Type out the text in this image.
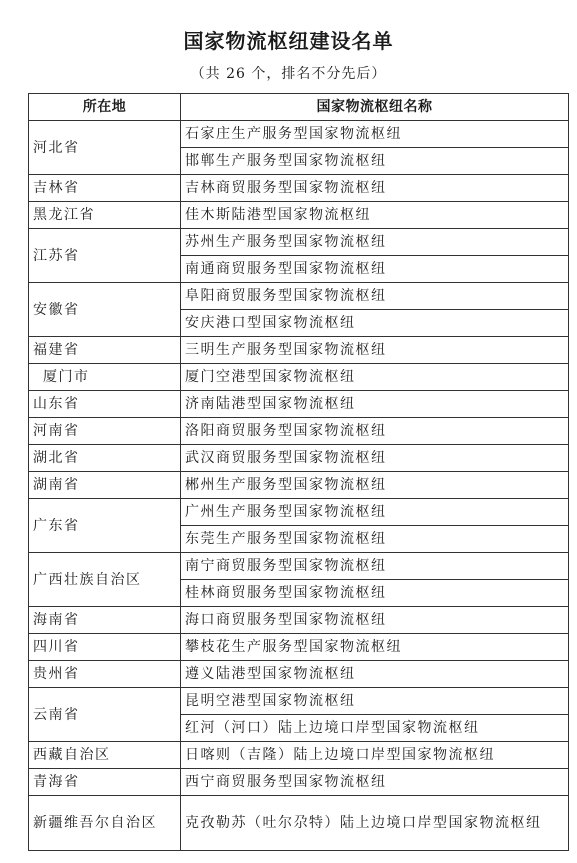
国家物流枢纽建设名单
（共 26 个，排名不分先后）
所在地	国家物流枢纽名称
河北省	石家庄生产服务型国家物流枢纽
	邯郸生产服务型国家物流枢纽
吉林省	吉林商贸服务型国家物流枢纽
黑龙江省	佳木斯陆港型国家物流枢纽
江苏省	苏州生产服务型国家物流枢纽
	南通商贸服务型国家物流枢纽
安徽省	阜阳商贸服务型国家物流枢纽
	安庆港口型国家物流枢纽
福建省	三明生产服务型国家物流枢纽
厦门市	厦门空港型国家物流枢纽
山东省	济南陆港型国家物流枢纽
河南省	洛阳商贸服务型国家物流枢纽
湖北省	武汉商贸服务型国家物流枢纽
湖南省	郴州生产服务型国家物流枢纽
广东省	广州生产服务型国家物流枢纽
	东莞生产服务型国家物流枢纽
广西壮族自治区	南宁商贸服务型国家物流枢纽
	桂林商贸服务型国家物流枢纽
海南省	海口商贸服务型国家物流枢纽
四川省	攀枝花生产服务型国家物流枢纽
贵州省	遵义陆港型国家物流枢纽
云南省	昆明空港型国家物流枢纽
	红河（河口）陆上边境口岸型国家物流枢纽
西藏自治区	日喀则（吉隆）陆上边境口岸型国家物流枢纽
青海省	西宁商贸服务型国家物流枢纽
新疆维吾尔自治区	克孜勒苏（吐尔尕特）陆上边境口岸型国家物流枢纽
